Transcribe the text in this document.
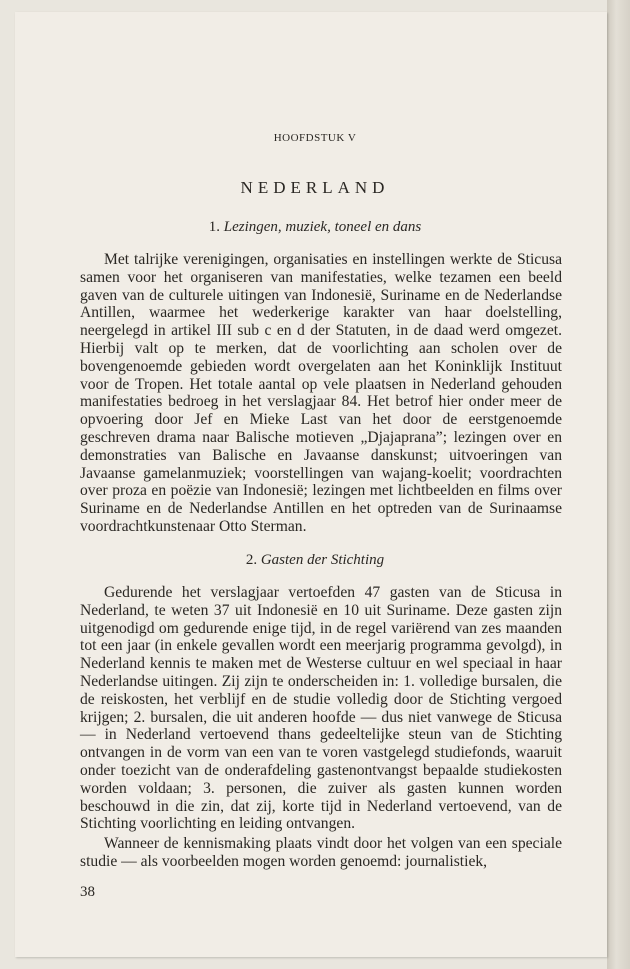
HOOFDSTUK V
NEDERLAND
1. Lezingen, muziek, toneel en dans

Met talrijke verenigingen, organisaties en instellingen werkte de Sticusa samen voor het organiseren van manifestaties, welke tezamen een beeld gaven van de culturele uitingen van Indonesië, Suriname en de Nederlandse Antillen, waarmee het wederkerige karakter van haar doelstelling, neergelegd in artikel III sub c en d der Statuten, in de daad werd omgezet. Hierbij valt op te merken, dat de voorlichting aan scholen over de bovengenoemde gebieden wordt overgelaten aan het Koninklijk Instituut voor de Tropen. Het totale aantal op vele plaatsen in Nederland gehouden manifestaties bedroeg in het verslagjaar 84. Het betrof hier onder meer de opvoering door Jef en Mieke Last van het door de eerstgenoemde geschreven drama naar Balische motieven „Djajaprana”; lezingen over en demonstraties van Balische en Javaanse danskunst; uitvoeringen van Javaanse gamelanmuziek; voorstellingen van wajang-koelit; voordrachten over proza en poëzie van Indonesië; lezingen met lichtbeelden en films over Suriname en de Nederlandse Antillen en het optreden van de Surinaamse voordrachtkunstenaar Otto Sterman.

2. Gasten der Stichting

Gedurende het verslagjaar vertoefden 47 gasten van de Sticusa in Nederland, te weten 37 uit Indonesië en 10 uit Suriname. Deze gasten zijn uitgenodigd om gedurende enige tijd, in de regel variërend van zes maanden tot een jaar (in enkele gevallen wordt een meerjarig programma gevolgd), in Nederland kennis te maken met de Westerse cultuur en wel speciaal in haar Nederlandse uitingen. Zij zijn te onderscheiden in: 1. volledige bursalen, die de reiskosten, het verblijf en de studie volledig door de Stichting vergoed krijgen; 2. bursalen, die uit anderen hoofde — dus niet vanwege de Sticusa — in Nederland vertoevend thans gedeeltelijke steun van de Stichting ontvangen in de vorm van een van te voren vastgelegd studiefonds, waaruit onder toezicht van de onderafdeling gastenontvangst bepaalde studiekosten worden voldaan; 3. personen, die zuiver als gasten kunnen worden beschouwd in die zin, dat zij, korte tijd in Nederland vertoevend, van de Stichting voorlichting en leiding ontvangen.

Wanneer de kennismaking plaats vindt door het volgen van een speciale studie — als voorbeelden mogen worden genoemd: journalistiek,

38
